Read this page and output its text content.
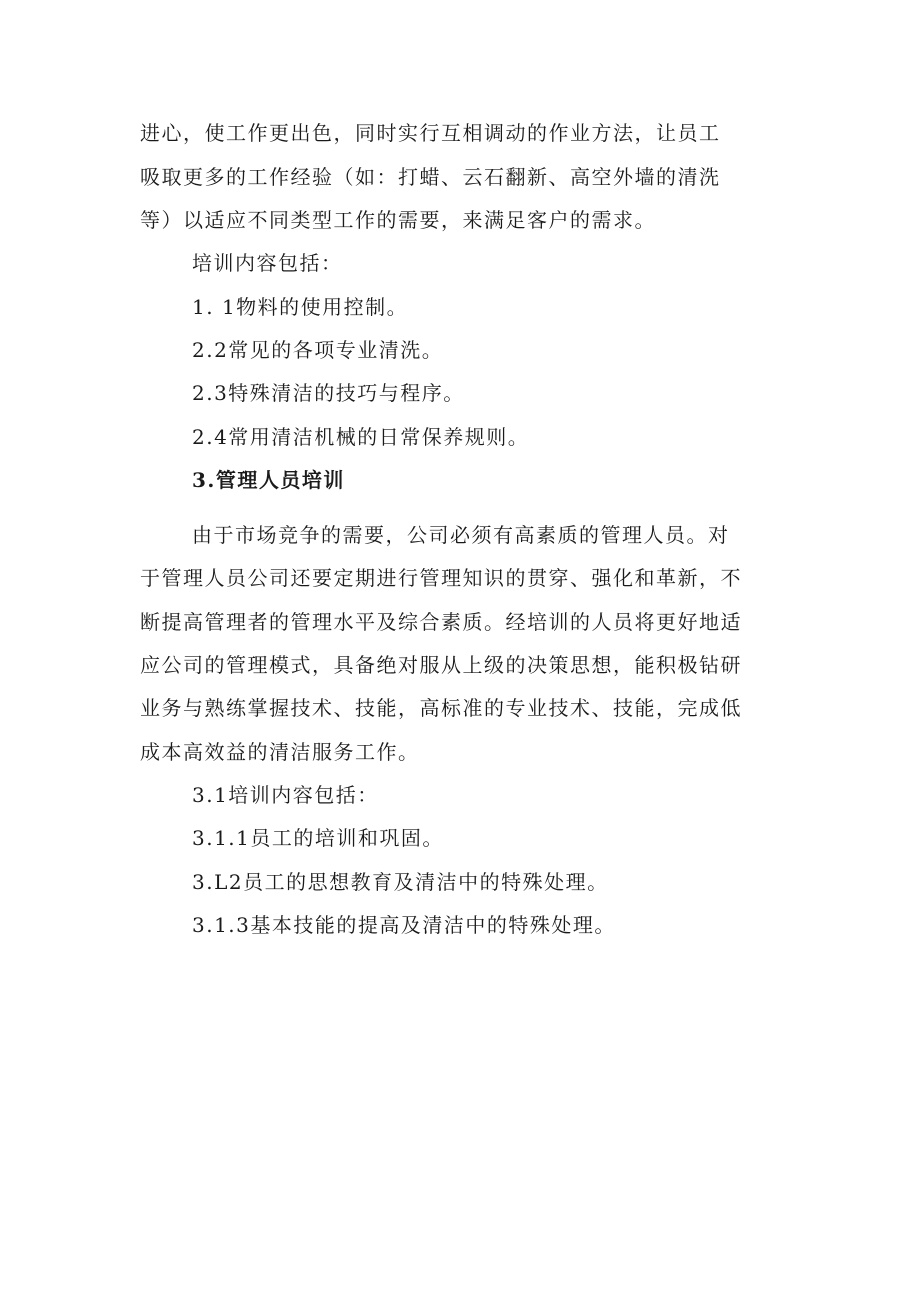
进心，使工作更出色，同时实行互相调动的作业方法，让员工
吸取更多的工作经验（如：打蜡、云石翻新、高空外墙的清洗
等）以适应不同类型工作的需要，来满足客户的需求。
培训内容包括：
1. 1物料的使用控制。
2.2常见的各项专业清洗。
2.3特殊清洁的技巧与程序。
2.4常用清洁机械的日常保养规则。
3.管理人员培训
由于市场竞争的需要，公司必须有高素质的管理人员。对
于管理人员公司还要定期进行管理知识的贯穿、强化和革新，不
断提高管理者的管理水平及综合素质。经培训的人员将更好地适
应公司的管理模式，具备绝对服从上级的决策思想，能积极钻研
业务与熟练掌握技术、技能，高标准的专业技术、技能，完成低
成本高效益的清洁服务工作。
3.1培训内容包括：
3.1.1员工的培训和巩固。
3.L2员工的思想教育及清洁中的特殊处理。
3.1.3基本技能的提高及清洁中的特殊处理。
